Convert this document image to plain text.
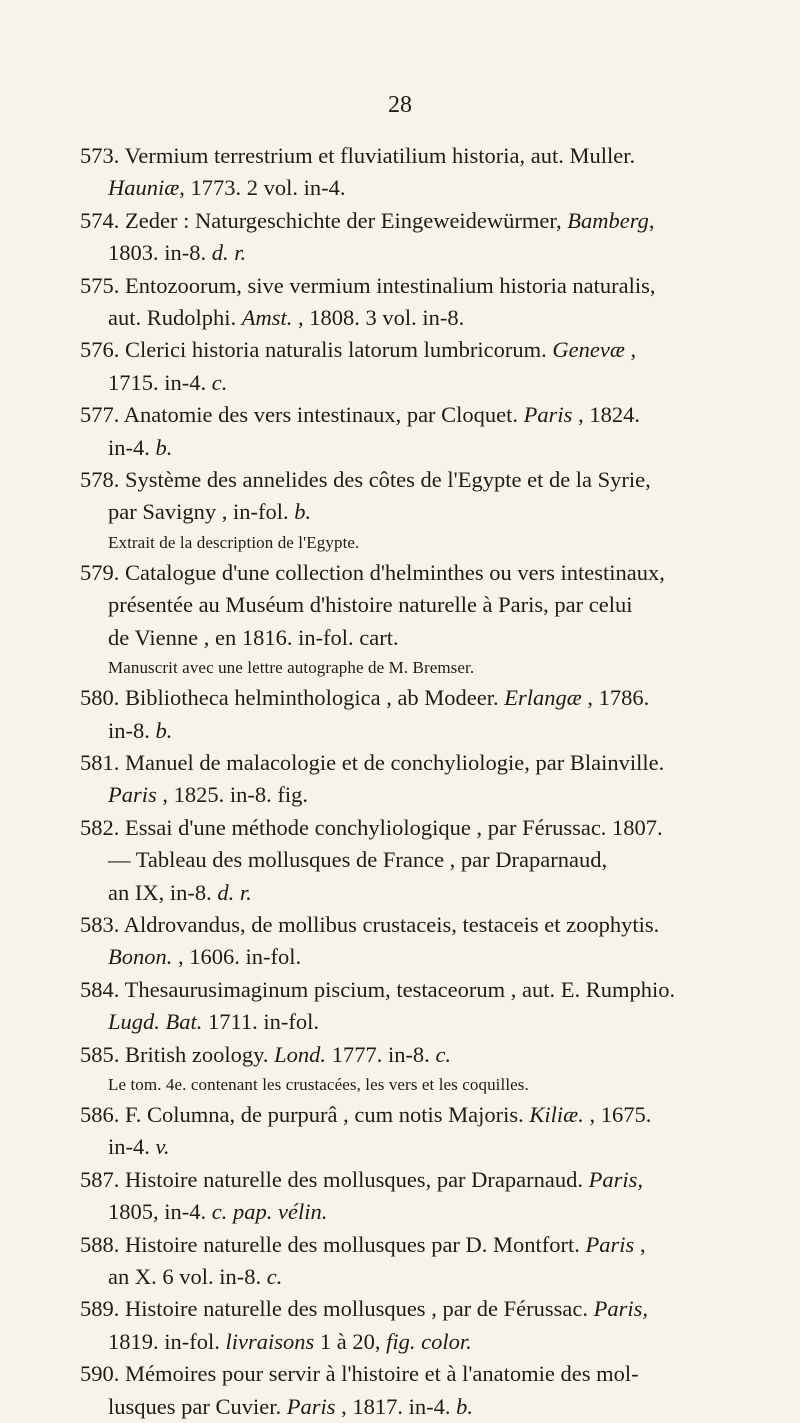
28
573. Vermium terrestrium et fluviatilium historia, aut. Muller.
Hauniæ, 1773. 2 vol. in-4.
574. Zeder : Naturgeschichte der Eingeweidewürmer, Bamberg,
1803. in-8. d. r.
575. Entozoorum, sive vermium intestinalium historia naturalis,
aut. Rudolphi. Amst. , 1808. 3 vol. in-8.
576. Clerici historia naturalis latorum lumbricorum. Genevæ ,
1715. in-4. c.
577. Anatomie des vers intestinaux, par Cloquet. Paris , 1824.
in-4. b.
578. Système des annelides des côtes de l'Egypte et de la Syrie,
par Savigny , in-fol. b.
Extrait de la description de l'Egypte.
579. Catalogue d'une collection d'helminthes ou vers intestinaux,
présentée au Muséum d'histoire naturelle à Paris, par celui
de Vienne , en 1816. in-fol. cart.
Manuscrit avec une lettre autographe de M. Bremser.
580. Bibliotheca helminthologica , ab Modeer. Erlangæ , 1786.
in-8. b.
581. Manuel de malacologie et de conchyliologie, par Blainville.
Paris , 1825. in-8. fig.
582. Essai d'une méthode conchyliologique , par Férussac. 1807.
— Tableau des mollusques de France , par Draparnaud,
an IX, in-8. d. r.
583. Aldrovandus, de mollibus crustaceis, testaceis et zoophytis.
Bonon. , 1606. in-fol.
584. Thesaurusimaginum piscium, testaceorum , aut. E. Rumphio.
Lugd. Bat. 1711. in-fol.
585. British zoology. Lond. 1777. in-8. c.
Le tom. 4e. contenant les crustacées, les vers et les coquilles.
586. F. Columna, de purpurâ , cum notis Majoris. Kiliæ. , 1675.
in-4. v.
587. Histoire naturelle des mollusques, par Draparnaud. Paris,
1805, in-4. c. pap. vélin.
588. Histoire naturelle des mollusques par D. Montfort. Paris ,
an X. 6 vol. in-8. c.
589. Histoire naturelle des mollusques , par de Férussac. Paris,
1819. in-fol. livraisons 1 à 20, fig. color.
590. Mémoires pour servir à l'histoire et à l'anatomie des mol-
lusques par Cuvier. Paris , 1817. in-4. b.
